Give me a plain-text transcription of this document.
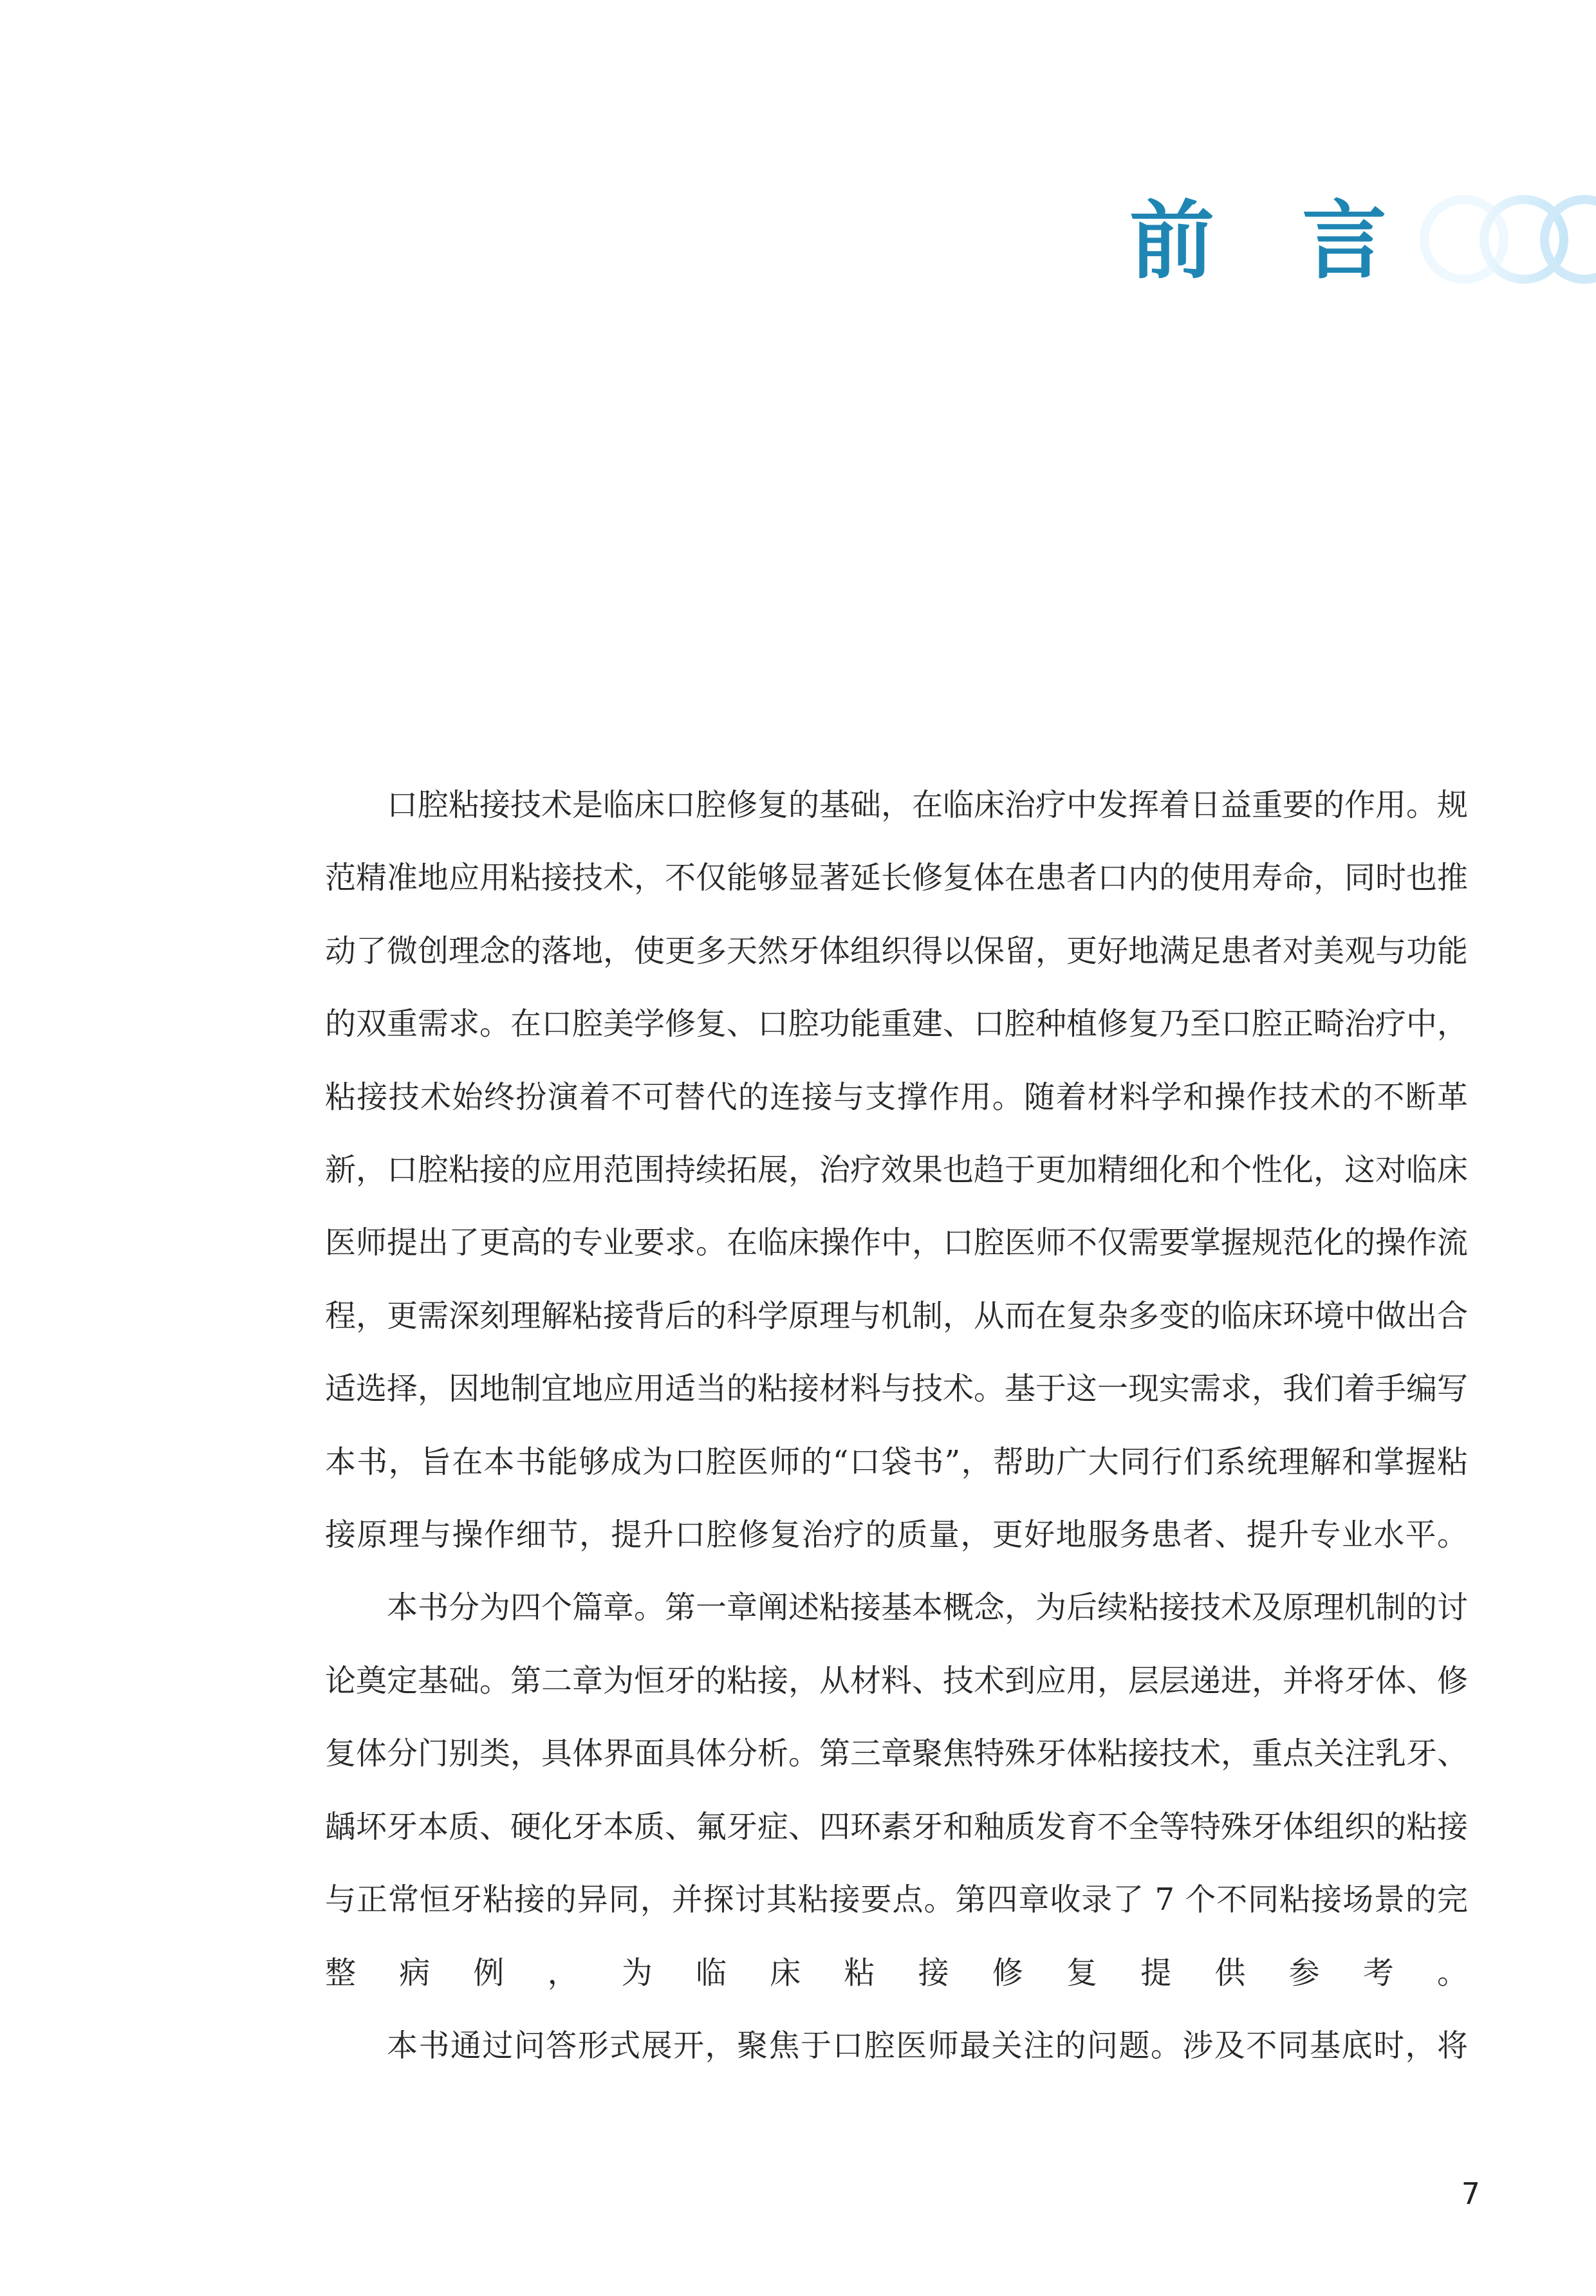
前言

口腔粘接技术是临床口腔修复的基础，在临床治疗中发挥着日益重要的作用。规范精准地应用粘接技术，不仅能够显著延长修复体在患者口内的使用寿命，同时也推动了微创理念的落地，使更多天然牙体组织得以保留，更好地满足患者对美观与功能的双重需求。在口腔美学修复、口腔功能重建、口腔种植修复乃至口腔正畸治疗中，粘接技术始终扮演着不可替代的连接与支撑作用。随着材料学和操作技术的不断革新，口腔粘接的应用范围持续拓展，治疗效果也趋于更加精细化和个性化，这对临床医师提出了更高的专业要求。在临床操作中，口腔医师不仅需要掌握规范化的操作流程，更需深刻理解粘接背后的科学原理与机制，从而在复杂多变的临床环境中做出合适选择，因地制宜地应用适当的粘接材料与技术。基于这一现实需求，我们着手编写本书，旨在本书能够成为口腔医师的“口袋书”，帮助广大同行们系统理解和掌握粘接原理与操作细节，提升口腔修复治疗的质量，更好地服务患者、提升专业水平。

本书分为四个篇章。第一章阐述粘接基本概念，为后续粘接技术及原理机制的讨论奠定基础。第二章为恒牙的粘接，从材料、技术到应用，层层递进，并将牙体、修复体分门别类，具体界面具体分析。第三章聚焦特殊牙体粘接技术，重点关注乳牙、龋坏牙本质、硬化牙本质、氟牙症、四环素牙和釉质发育不全等特殊牙体组织的粘接与正常恒牙粘接的异同，并探讨其粘接要点。第四章收录了 7 个不同粘接场景的完整病例，为临床粘接修复提供参考。

本书通过问答形式展开，聚焦于口腔医师最关注的问题。涉及不同基底时，将

7
